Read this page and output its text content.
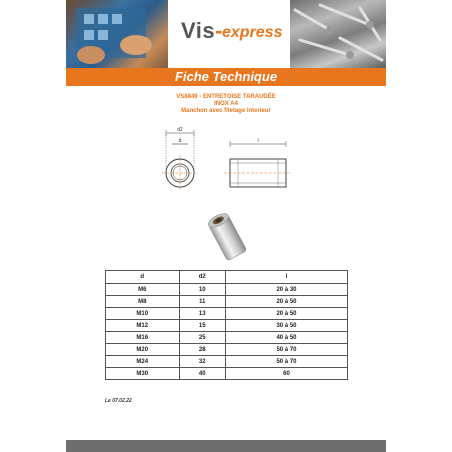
Vis- express
Fiche Technique
VS8849 - ENTRETOISE TARAUDÉE
INOX A4
Manchon avec filetage interieur
d2
d	l
d	d2	l
M6	10	20 à 30
M8	11	20 à 50
M10	13	20 à 50
M12	15	30 à 50
M16	25	40 à 50
M20	28	50 à 70
M24	32	50 à 70
M30	40	60
Le 07.02.22
